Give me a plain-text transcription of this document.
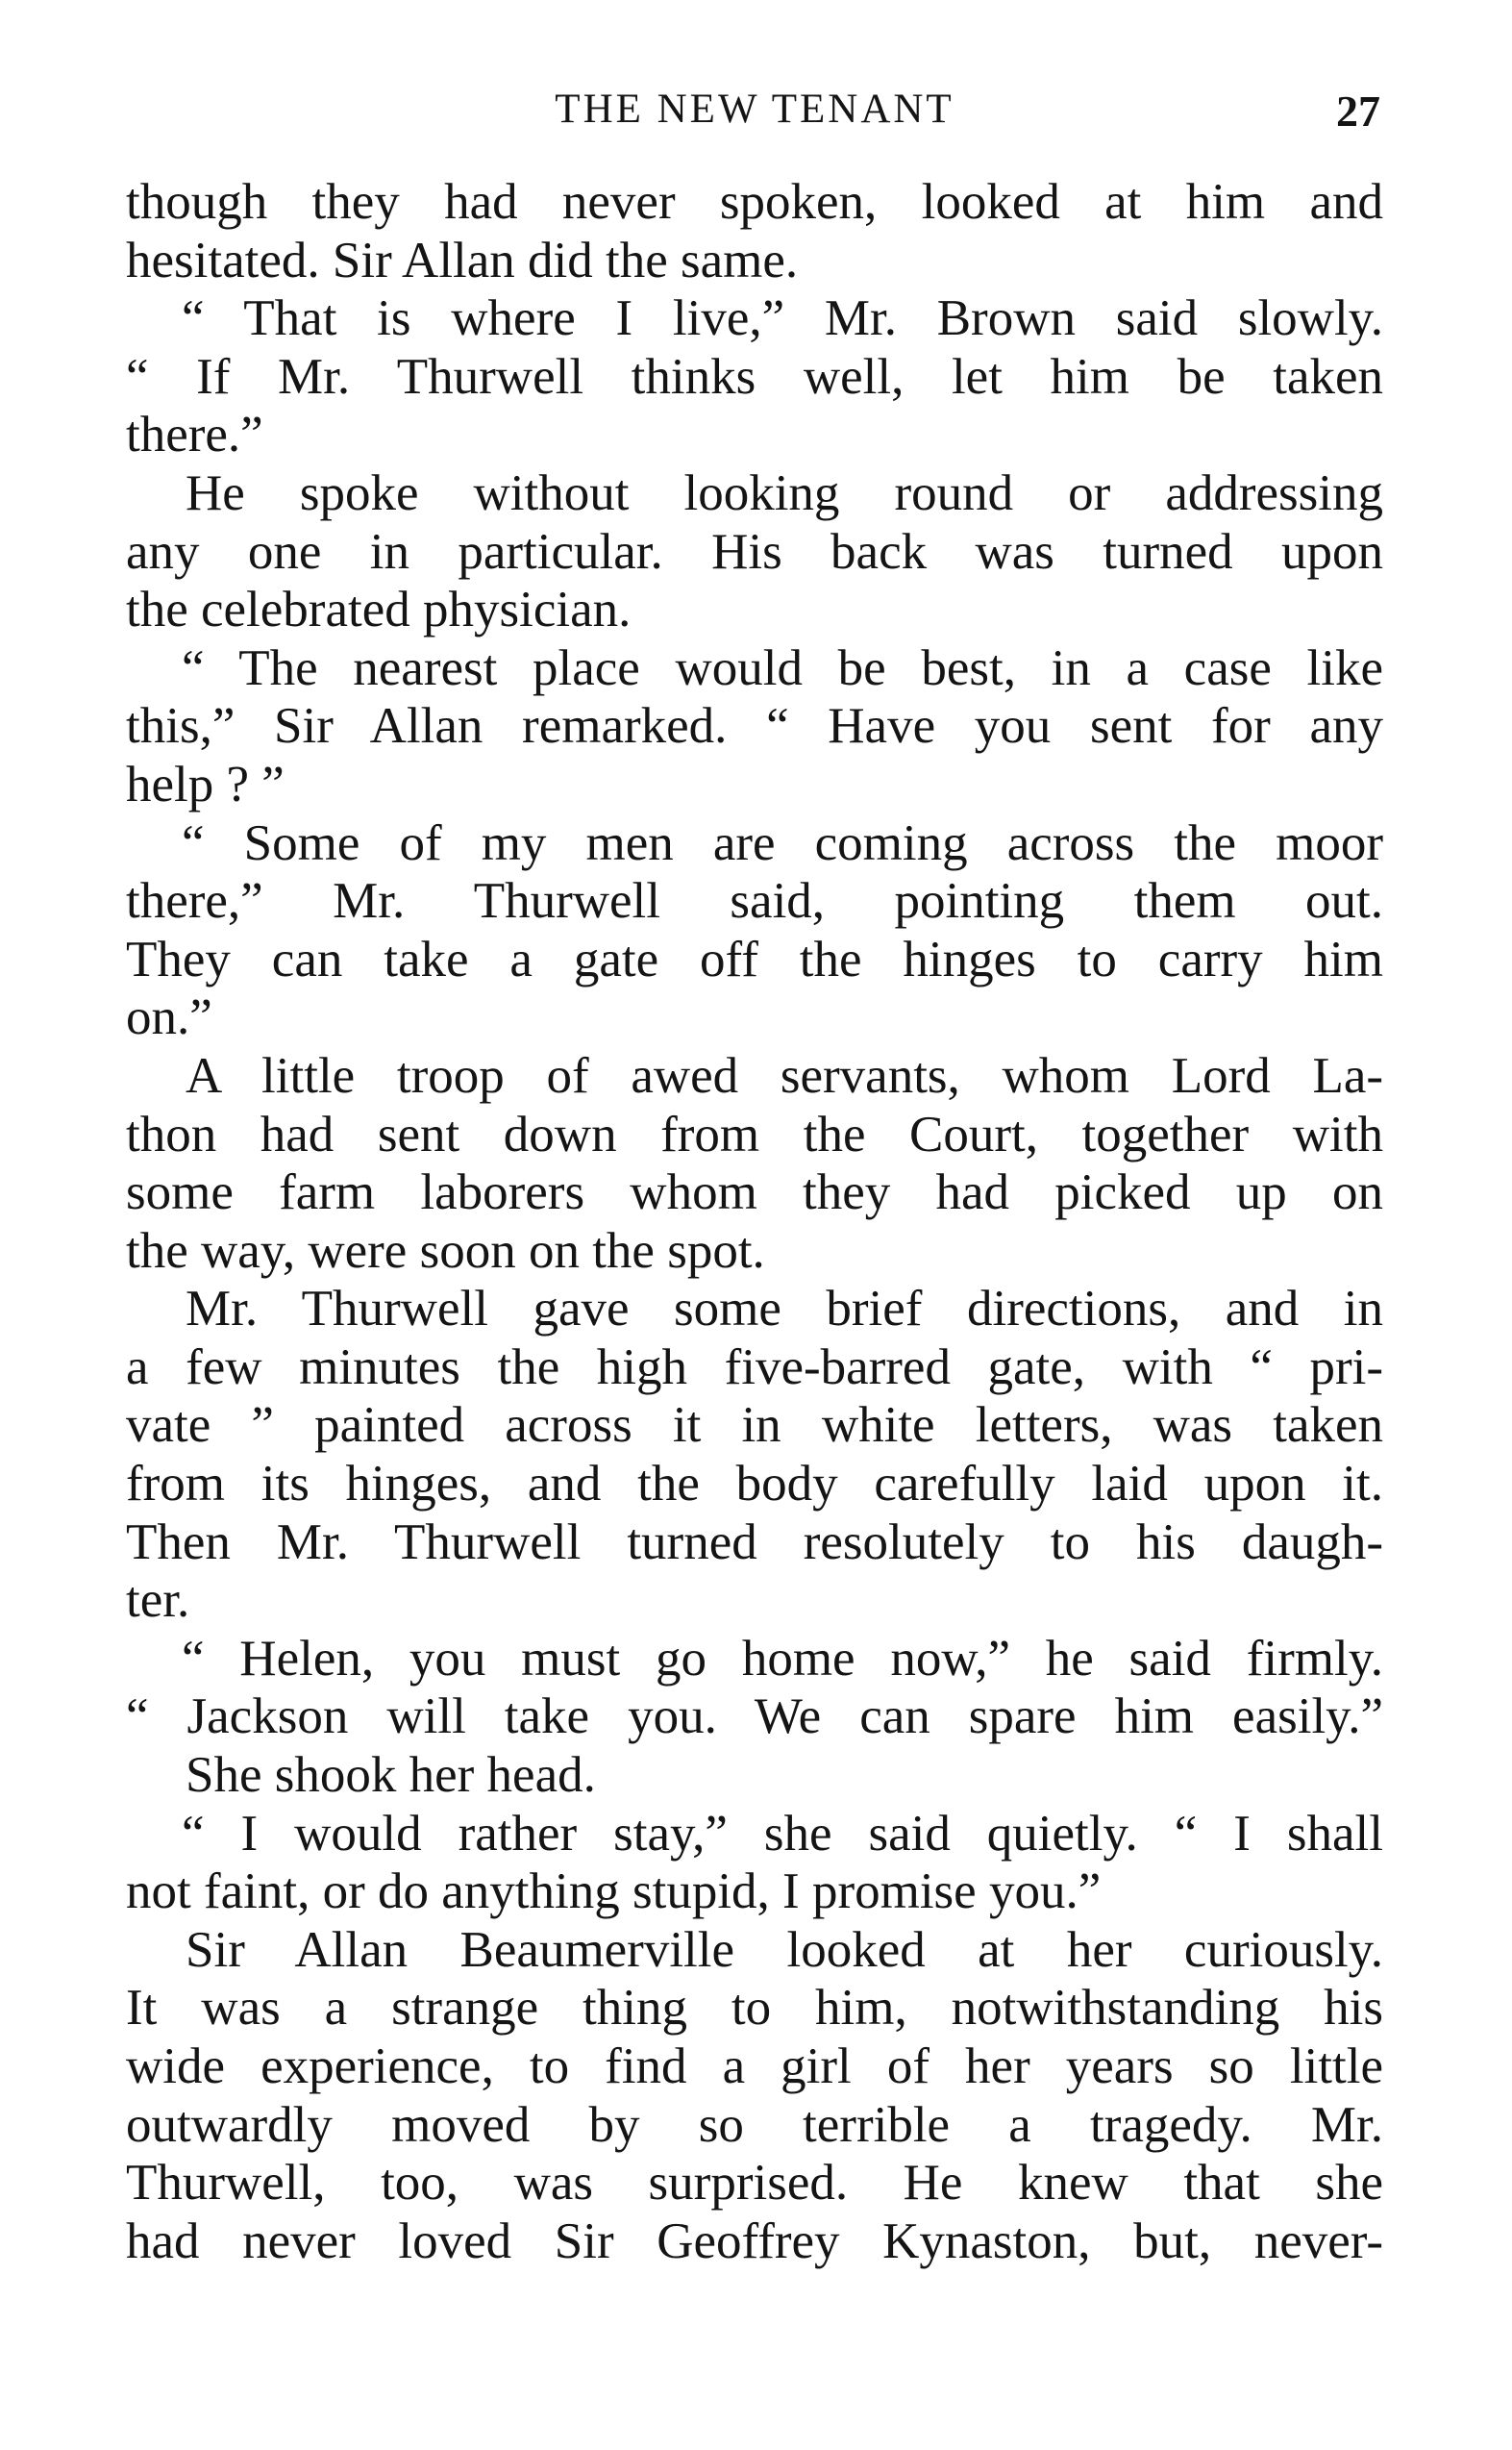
THE NEW TENANT	27
though they had never spoken, looked at him and
hesitated. Sir Allan did the same.
“ That is where I live,” Mr. Brown said slowly.
“ If Mr. Thurwell thinks well, let him be taken
there.”
He spoke without looking round or addressing
any one in particular. His back was turned upon
the celebrated physician.
“ The nearest place would be best, in a case like
this,” Sir Allan remarked. “ Have you sent for any
help ? ”
“ Some of my men are coming across the moor
there,” Mr. Thurwell said, pointing them out.
They can take a gate off the hinges to carry him
on.”
A little troop of awed servants, whom Lord La-
thon had sent down from the Court, together with
some farm laborers whom they had picked up on
the way, were soon on the spot.
Mr. Thurwell gave some brief directions, and in
a few minutes the high five-barred gate, with “ pri-
vate ” painted across it in white letters, was taken
from its hinges, and the body carefully laid upon it.
Then Mr. Thurwell turned resolutely to his daugh-
ter.
“ Helen, you must go home now,” he said firmly.
“ Jackson will take you. We can spare him easily.”
She shook her head.
“ I would rather stay,” she said quietly. “ I shall
not faint, or do anything stupid, I promise you.”
Sir Allan Beaumerville looked at her curiously.
It was a strange thing to him, notwithstanding his
wide experience, to find a girl of her years so little
outwardly moved by so terrible a tragedy. Mr.
Thurwell, too, was surprised. He knew that she
had never loved Sir Geoffrey Kynaston, but, never-
